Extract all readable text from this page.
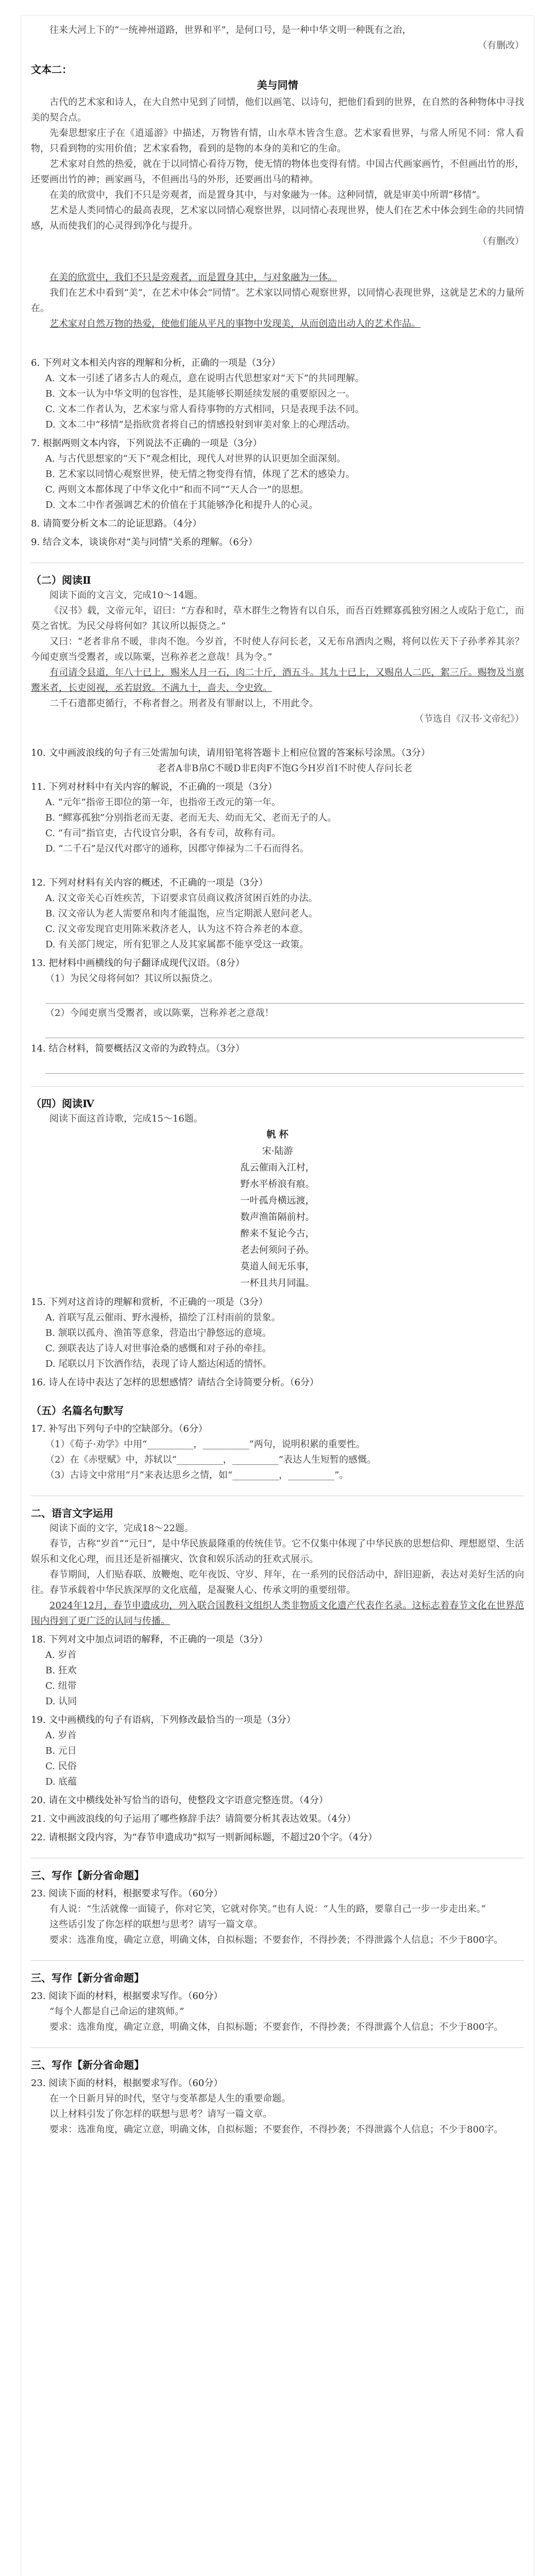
往来大河上下的“一统神州道路，世界和平”，是何口号，是一种中华文明一种既有之治，

（有删改）

文本二：

美与同情

古代的艺术家和诗人，在大自然中见到了同情，他们以画笔、以诗句，把他们看到的世界，在自然的各种物体中寻找美的契合点。

先秦思想家庄子在《逍遥游》中描述，万物皆有情，山水草木皆含生意。艺术家看世界，与常人所见不同：常人看物，只看到物的实用价值；艺术家看物，看到的是物的本身的美和它的生命。

艺术家对自然的热爱，就在于以同情心看待万物，使无情的物体也变得有情。中国古代画家画竹，不但画出竹的形，还要画出竹的神；画家画马，不但画出马的外形，还要画出马的精神。

在美的欣赏中，我们不只是旁观者，而是置身其中，与对象融为一体。这种同情，就是审美中所谓“移情”。

艺术是人类同情心的最高表现，艺术家以同情心观察世界，以同情心表现世界，使人们在艺术中体会到生命的共同情感，从而使我们的心灵得到净化与提升。

（有删改）

在美的欣赏中，我们不只是旁观者，而是置身其中，与对象融为一体。

我们在艺术中看到“美”，在艺术中体会“同情”。艺术家以同情心观察世界，以同情心表现世界，这就是艺术的力量所在。

艺术家对自然万物的热爱，使他们能从平凡的事物中发现美，从而创造出动人的艺术作品。

6. 下列对文本相关内容的理解和分析，正确的一项是（3分）

A. 文本一引述了诸多古人的观点，意在说明古代思想家对“天下”的共同理解。

B. 文本一认为中华文明的包容性，是其能够长期延续发展的重要原因之一。

C. 文本二作者认为，艺术家与常人看待事物的方式相同，只是表现手法不同。

D. 文本二中“移情”是指欣赏者将自己的情感投射到审美对象上的心理活动。

7. 根据两则文本内容，下列说法不正确的一项是（3分）

A. 与古代思想家的“天下”观念相比，现代人对世界的认识更加全面深刻。

B. 艺术家以同情心观察世界，使无情之物变得有情，体现了艺术的感染力。

C. 两则文本都体现了中华文化中“和而不同”“天人合一”的思想。

D. 文本二中作者强调艺术的价值在于其能够净化和提升人的心灵。

8. 请简要分析文本二的论证思路。（4分）

9. 结合文本，谈谈你对“美与同情”关系的理解。（6分）

（二）阅读Ⅱ

阅读下面的文言文，完成10～14题。

《汉书》载，文帝元年，诏曰：“方春和时，草木群生之物皆有以自乐，而吾百姓鳏寡孤独穷困之人或阽于危亡，而莫之省忧。为民父母将何如？其议所以振贷之。”

又曰：“老者非帛不暖，非肉不饱。今岁首，不时使人存问长老，又无布帛酒肉之赐，将何以佐天下子孙孝养其亲？今闻吏禀当受鬻者，或以陈粟，岂称养老之意哉！具为令。”

有司请令县道，年八十已上，赐米人月一石，肉二十斤，酒五斗。其九十已上，又赐帛人二匹，絮三斤。赐物及当禀鬻米者，长吏阅视，丞若尉致。不满九十，啬夫、令史致。

二千石遣都吏循行，不称者督之。刑者及有罪耐以上，不用此令。

（节选自《汉书·文帝纪》）

10. 文中画波浪线的句子有三处需加句读，请用铅笔将答题卡上相应位置的答案标号涂黑。（3分）

老者A非B帛C不暖D非E肉F不饱G今H岁首I不时使人存问长老

11. 下列对材料中有关内容的解说，不正确的一项是（3分）

A. “元年”指帝王即位的第一年，也指帝王改元的第一年。

B. “鳏寡孤独”分别指老而无妻、老而无夫、幼而无父、老而无子的人。

C. “有司”指官吏，古代设官分职，各有专司，故称有司。

D. “二千石”是汉代对郡守的通称，因郡守俸禄为二千石而得名。

12. 下列对材料有关内容的概述，不正确的一项是（3分）

A. 汉文帝关心百姓疾苦，下诏要求官员商议救济贫困百姓的办法。

B. 汉文帝认为老人需要帛和肉才能温饱，应当定期派人慰问老人。

C. 汉文帝发现官吏用陈米救济老人，认为这不符合养老的本意。

D. 有关部门规定，所有犯罪之人及其家属都不能享受这一政策。

13. 把材料中画横线的句子翻译成现代汉语。（8分）

（1）为民父母将何如？其议所以振贷之。

（2）今闻吏禀当受鬻者，或以陈粟，岂称养老之意哉！

14. 结合材料，简要概括汉文帝的为政特点。（3分）

（四）阅读Ⅳ

阅读下面这首诗歌，完成15～16题。

帆 杯

宋·陆游

乱云催雨入江村，

野水平桥浪有痕。

一叶孤舟横远渡，

数声渔笛隔前村。

醉来不复论今古，

老去何须问子孙。

莫道人间无乐事，

一杯且共月同温。

15. 下列对这首诗的理解和赏析，不正确的一项是（3分）

A. 首联写乱云催雨、野水漫桥，描绘了江村雨前的景象。

B. 颔联以孤舟、渔笛等意象，营造出宁静悠远的意境。

C. 颈联表达了诗人对世事沧桑的感慨和对子孙的牵挂。

D. 尾联以月下饮酒作结，表现了诗人豁达闲适的情怀。

16. 诗人在诗中表达了怎样的思想感情？请结合全诗简要分析。（6分）

（五）名篇名句默写

17. 补写出下列句子中的空缺部分。（6分）

（1）《荀子·劝学》中用“__________，__________”两句，说明积累的重要性。

（2）在《赤壁赋》中，苏轼以“__________，__________”表达人生短暂的感慨。

（3）古诗文中常用“月”来表达思乡之情，如“__________，__________”。

二、语言文字运用

阅读下面的文字，完成18～22题。

春节，古称“岁首”“元日”，是中华民族最隆重的传统佳节。它不仅集中体现了中华民族的思想信仰、理想愿望、生活娱乐和文化心理，而且还是祈福攘灾、饮食和娱乐活动的狂欢式展示。

春节期间，人们贴春联、放鞭炮、吃年夜饭、守岁、拜年，在一系列的民俗活动中，辞旧迎新，表达对美好生活的向往。春节承载着中华民族深厚的文化底蕴，是凝聚人心、传承文明的重要纽带。

2024年12月，春节申遗成功，列入联合国教科文组织人类非物质文化遗产代表作名录。这标志着春节文化在世界范围内得到了更广泛的认同与传播。

18. 下列对文中加点词语的解释，不正确的一项是（3分）

A. 岁首

B. 狂欢

C. 纽带

D. 认同

19. 文中画横线的句子有语病，下列修改最恰当的一项是（3分）

A. 岁首

B. 元日

C. 民俗

D. 底蕴

20. 请在文中横线处补写恰当的语句，使整段文字语意完整连贯。（4分）

21. 文中画波浪线的句子运用了哪些修辞手法？请简要分析其表达效果。（4分）

22. 请根据文段内容，为“春节申遗成功”拟写一则新闻标题，不超过20个字。（4分）

三、写作【新分省命题】

23. 阅读下面的材料，根据要求写作。（60分）

有人说：“生活就像一面镜子，你对它笑，它就对你笑。”也有人说：“人生的路，要靠自己一步一步走出来。”

这些话引发了你怎样的联想与思考？请写一篇文章。

要求：选准角度，确定立意，明确文体，自拟标题；不要套作，不得抄袭；不得泄露个人信息；不少于800字。

三、写作【新分省命题】

23. 阅读下面的材料，根据要求写作。（60分）

“每个人都是自己命运的建筑师。”

要求：选准角度，确定立意，明确文体，自拟标题；不要套作，不得抄袭；不得泄露个人信息；不少于800字。

三、写作【新分省命题】

23. 阅读下面的材料，根据要求写作。（60分）

在一个日新月异的时代，坚守与变革都是人生的重要命题。

以上材料引发了你怎样的联想与思考？请写一篇文章。

要求：选准角度，确定立意，明确文体，自拟标题；不要套作，不得抄袭；不得泄露个人信息；不少于800字。
